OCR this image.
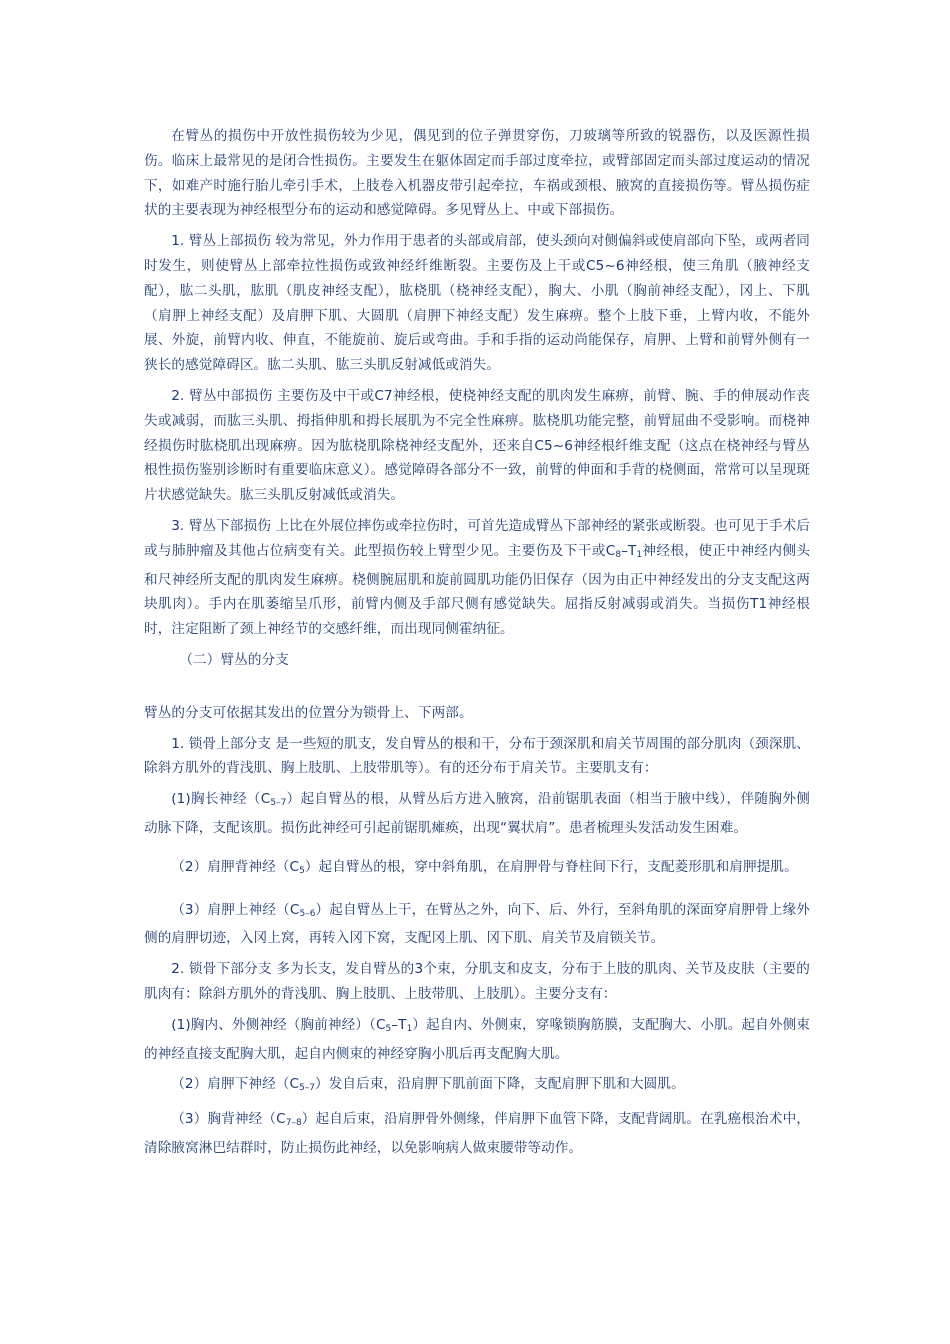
在臂丛的损伤中开放性损伤较为少见，偶见到的位子弹贯穿伤，刀玻璃等所致的锐器伤，以及医源性损伤。临床上最常见的是闭合性损伤。主要发生在躯体固定而手部过度牵拉，或臂部固定而头部过度运动的情况下，如难产时施行胎儿牵引手术，上肢卷入机器皮带引起牵拉，车祸或颈根、腋窝的直接损伤等。臂丛损伤症状的主要表现为神经根型分布的运动和感觉障碍。多见臂丛上、中或下部损伤。

1. 臂丛上部损伤 较为常见，外力作用于患者的头部或肩部，使头颈向对侧偏斜或使肩部向下坠，或两者同时发生，则使臂丛上部牵拉性损伤或致神经纤维断裂。主要伤及上干或C5~6神经根，使三角肌（腋神经支配），肱二头肌，肱肌（肌皮神经支配），肱桡肌（桡神经支配），胸大、小肌（胸前神经支配），冈上、下肌（肩胛上神经支配）及肩胛下肌、大圆肌（肩胛下神经支配）发生麻痹。整个上肢下垂，上臂内收，不能外展、外旋，前臂内收、伸直，不能旋前、旋后或弯曲。手和手指的运动尚能保存，肩胛、上臂和前臂外侧有一狭长的感觉障碍区。肱二头肌、肱三头肌反射减低或消失。

2. 臂丛中部损伤 主要伤及中干或C7神经根，使桡神经支配的肌肉发生麻痹，前臂、腕、手的伸展动作丧失或减弱，而肱三头肌、拇指伸肌和拇长展肌为不完全性麻痹。肱桡肌功能完整，前臂屈曲不受影响。而桡神经损伤时肱桡肌出现麻痹。因为肱桡肌除桡神经支配外，还来自C5~6神经根纤维支配（这点在桡神经与臂丛根性损伤鉴别诊断时有重要临床意义）。感觉障碍各部分不一致，前臂的伸面和手背的桡侧面，常常可以呈现斑片状感觉缺失。肱三头肌反射减低或消失。

3. 臂丛下部损伤 上比在外展位摔伤或牵拉伤时，可首先造成臂丛下部神经的紧张或断裂。也可见于手术后或与肺肿瘤及其他占位病变有关。此型损伤较上臂型少见。主要伤及下干或$C_8-T_1$神经根，使正中神经内侧头和尺神经所支配的肌肉发生麻痹。桡侧腕屈肌和旋前圆肌功能仍旧保存（因为由正中神经发出的分支支配这两块肌肉）。手内在肌萎缩呈爪形，前臂内侧及手部尺侧有感觉缺失。屈指反射减弱或消失。当损伤T1神经根时，注定阻断了颈上神经节的交感纤维，而出现同侧霍纳征。

（二）臂丛的分支

臂丛的分支可依据其发出的位置分为锁骨上、下两部。

1. 锁骨上部分支 是一些短的肌支，发自臂丛的根和干，分布于颈深肌和肩关节周围的部分肌肉（颈深肌、除斜方肌外的背浅肌、胸上肢肌、上肢带肌等）。有的还分布于肩关节。主要肌支有：

(1)胸长神经$(C_{5-7})$起自臂丛的根，从臂丛后方进入腋窝，沿前锯肌表面（相当于腋中线），伴随胸外侧动脉下降，支配该肌。损伤此神经可引起前锯肌瘫痪，出现“翼状肩”。患者梳理头发活动发生困难。

（2）肩胛背神经$(C_5)$起自臂丛的根，穿中斜角肌，在肩胛骨与脊柱间下行，支配菱形肌和肩胛提肌。

（3）肩胛上神经$(C_{5-6})$起自臂丛上干，在臂丛之外，向下、后、外行，至斜角肌的深面穿肩胛骨上缘外侧的肩胛切迹，入冈上窝，再转入冈下窝，支配冈上肌、冈下肌、肩关节及肩锁关节。

2. 锁骨下部分支 多为长支，发自臂丛的3个束，分肌支和皮支，分布于上肢的肌肉、关节及皮肤（主要的肌肉有：除斜方肌外的背浅肌、胸上肢肌、上肢带肌、上肢肌）。主要分支有：

(1)胸内、外侧神经（胸前神经）$(C_5-T_1)$起自内、外侧束，穿喙锁胸筋膜，支配胸大、小肌。起自外侧束的神经直接支配胸大肌，起自内侧束的神经穿胸小肌后再支配胸大肌。

（2）肩胛下神经$(C_{5-7})$发自后束，沿肩胛下肌前面下降，支配肩胛下肌和大圆肌。

（3）胸背神经$(C_{7-8})$起自后束，沿肩胛骨外侧缘，伴肩胛下血管下降，支配背阔肌。在乳癌根治术中，清除腋窝淋巴结群时，防止损伤此神经，以免影响病人做束腰带等动作。
